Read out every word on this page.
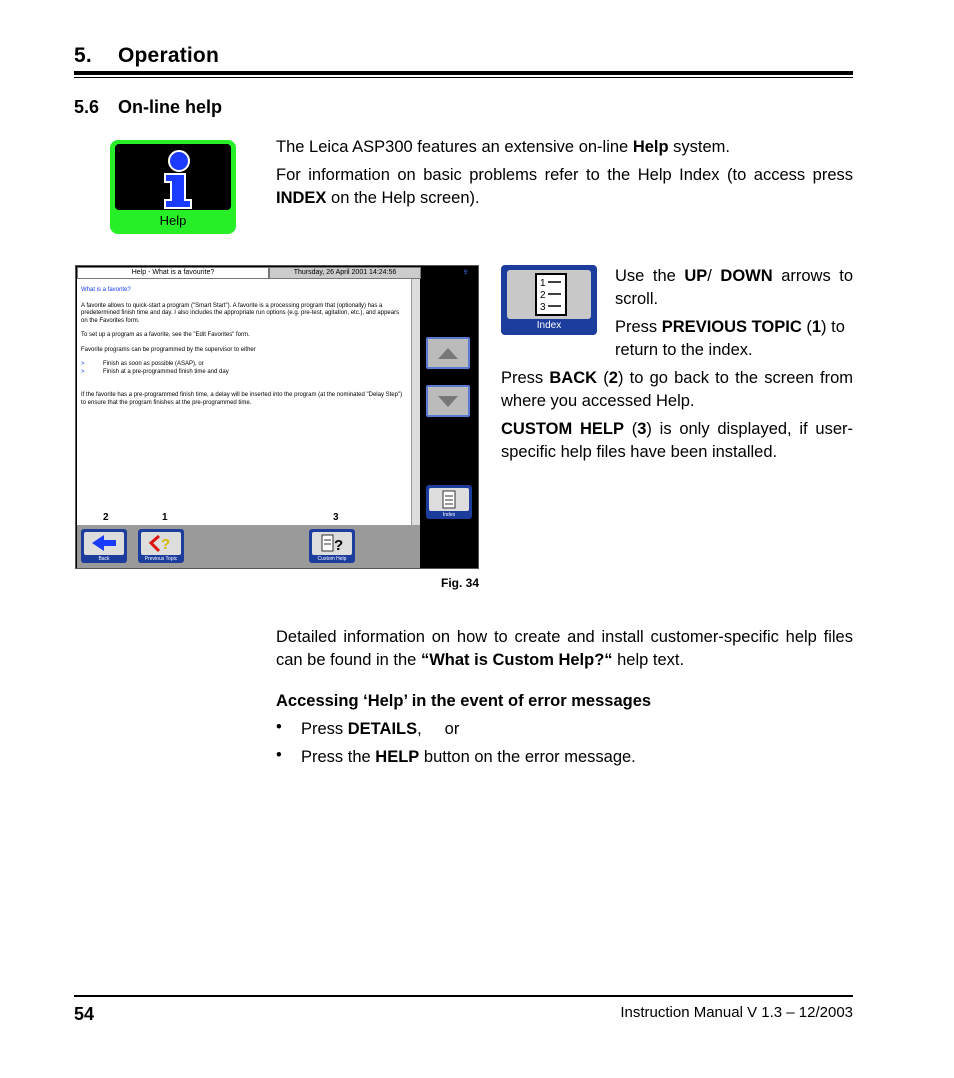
5. Operation
5.6 On-line help
Help

The Leica ASP300 features an extensive on-line Help system.

For information on basic problems refer to the Help Index (to access press INDEX on the Help screen).

Help - What is a favourite?	Thursday, 26 April 2001 14:24:56	♆
What is a favorite?
A favorite allows to quick-start a program ("Smart Start"). A favorite is a processing program that (optionally) has a predetermined finish time and day. I also includes the appropriate run options (e.g. pre-test, agitation, etc.), and appears on the Favorites form.
To set up a program as a favorite, see the "Edit Favorites" form.
Favorite programs can be programmed by the supervisor to either
>	Finish as soon as possible (ASAP), or
>	Finish at a pre-programmed finish time and day
If the favorite has a pre-programmed finish time, a delay will be inserted into the program (at the nominated "Delay Step") to ensure that the program finishes at the pre-programmed time.
2	1	3
Back
?
Previous Topic
?
Custom Help
Index
1
2
3
Index

Use the UP/ DOWN arrows to scroll.

Press PREVIOUS TOPIC (1) to return to the index.

Press BACK (2) to go back to the screen from where you accessed Help.

CUSTOM HELP (3) is only displayed, if user-specific help files have been installed.

Fig. 34

Detailed information on how to create and install customer-specific help files can be found in the “What is Custom Help?“ help text.

Accessing ‘Help’ in the event of error messages

•	Press DETAILS,     or

•	Press the HELP button on the error message.

54	Instruction Manual V 1.3 – 12/2003
